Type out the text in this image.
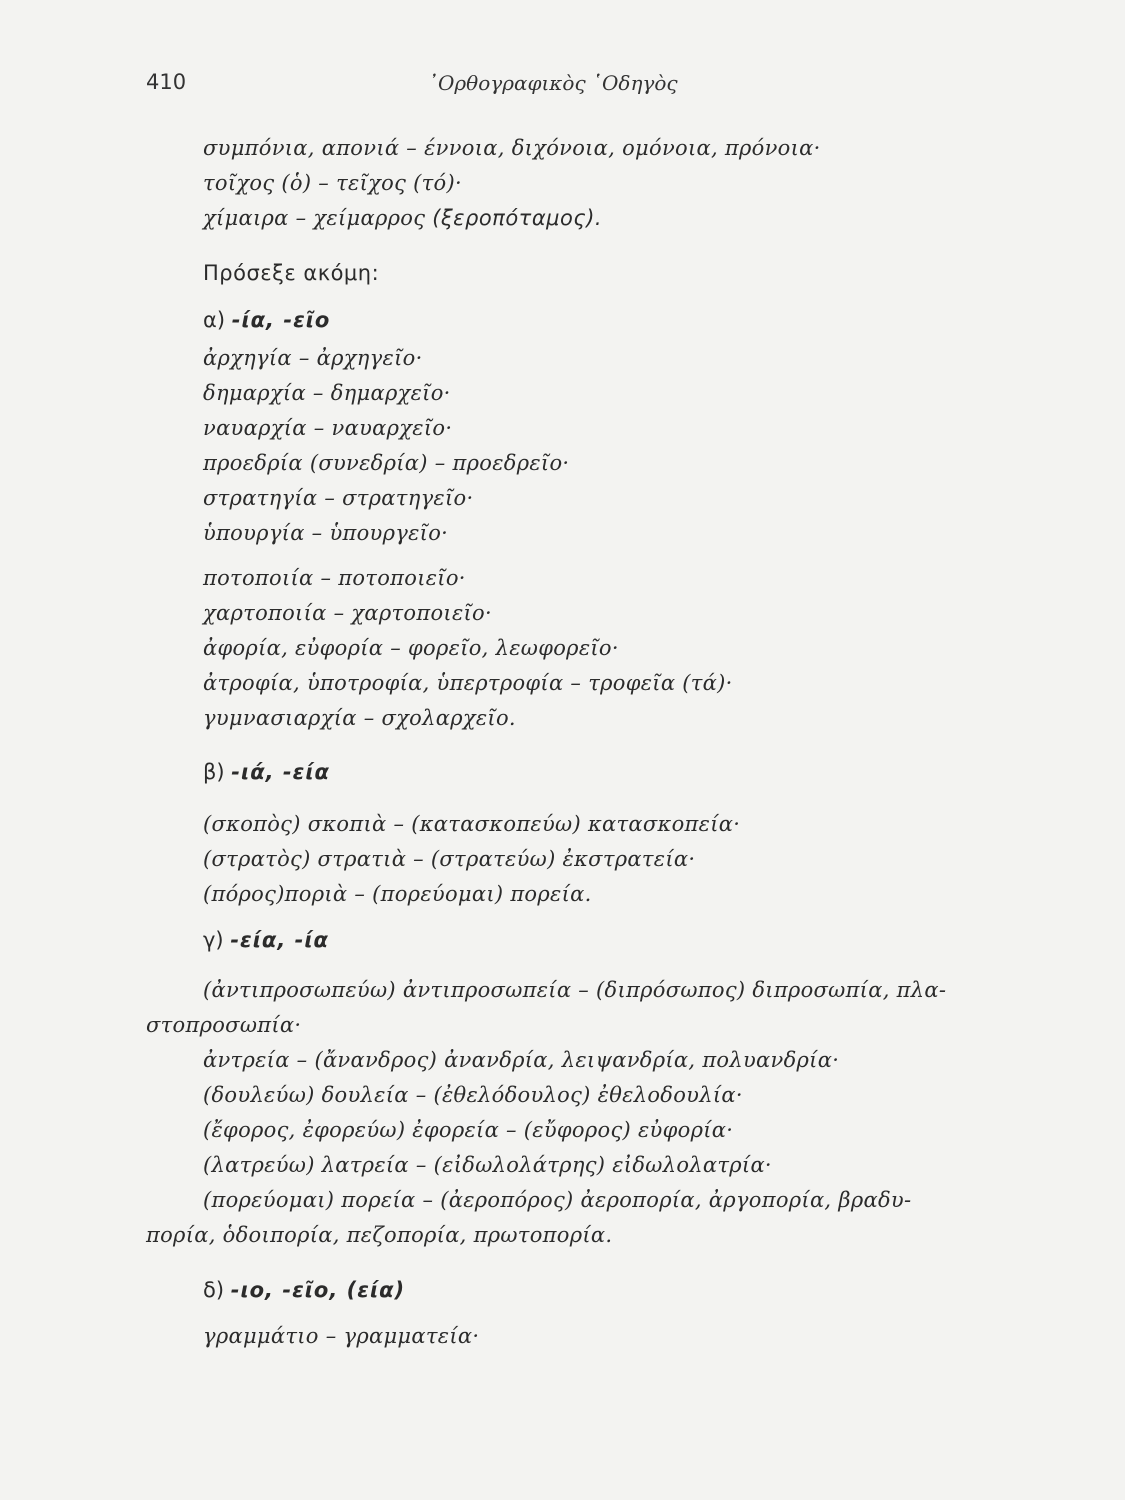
410	᾿Ορθογραφικὸς ῾Οδηγὸς
συμπόνια, απονιά – έννοια, διχόνοια, ομόνοια, πρόνοια·
τοῖχος (ὁ) – τεῖχος (τό)·
χίμαιρα – χείμαρρος (ξεροπόταμος).
Πρόσεξε ακόμη:
α) -ία, -εῖο
ἀρχηγία – ἀρχηγεῖο·
δημαρχία – δημαρχεῖο·
ναυαρχία – ναυαρχεῖο·
προεδρία (συνεδρία) – προεδρεῖο·
στρατηγία – στρατηγεῖο·
ὑπουργία – ὑπουργεῖο·
ποτοποιία – ποτοποιεῖο·
χαρτοποιία – χαρτοποιεῖο·
ἀφορία, εὐφορία – φορεῖο, λεωφορεῖο·
ἀτροφία, ὑποτροφία, ὑπερτροφία – τροφεῖα (τά)·
γυμνασιαρχία – σχολαρχεῖο.
β) -ιά, -εία
(σκοπὸς) σκοπιὰ – (κατασκοπεύω) κατασκοπεία·
(στρατὸς) στρατιὰ – (στρατεύω) ἐκστρατεία·
(πόρος)ποριὰ – (πορεύομαι) πορεία.
γ) -εία, -ία
(ἀντιπροσωπεύω) ἀντιπροσωπεία – (διπρόσωπος) διπροσωπία, πλα-
στοπροσωπία·
ἀντρεία – (ἄνανδρος) ἀνανδρία, λειψανδρία, πολυανδρία·
(δουλεύω) δουλεία – (ἐθελόδουλος) ἐθελοδουλία·
(ἔφορος, ἐφορεύω) ἐφορεία – (εὔφορος) εὐφορία·
(λατρεύω) λατρεία – (εἰδωλολάτρης) εἰδωλολατρία·
(πορεύομαι) πορεία – (ἀεροπόρος) ἀεροπορία, ἀργοπορία, βραδυ-
πορία, ὁδοιπορία, πεζοπορία, πρωτοπορία.
δ) -ιο, -εῖο, (εία)
γραμμάτιο – γραμματεία·
